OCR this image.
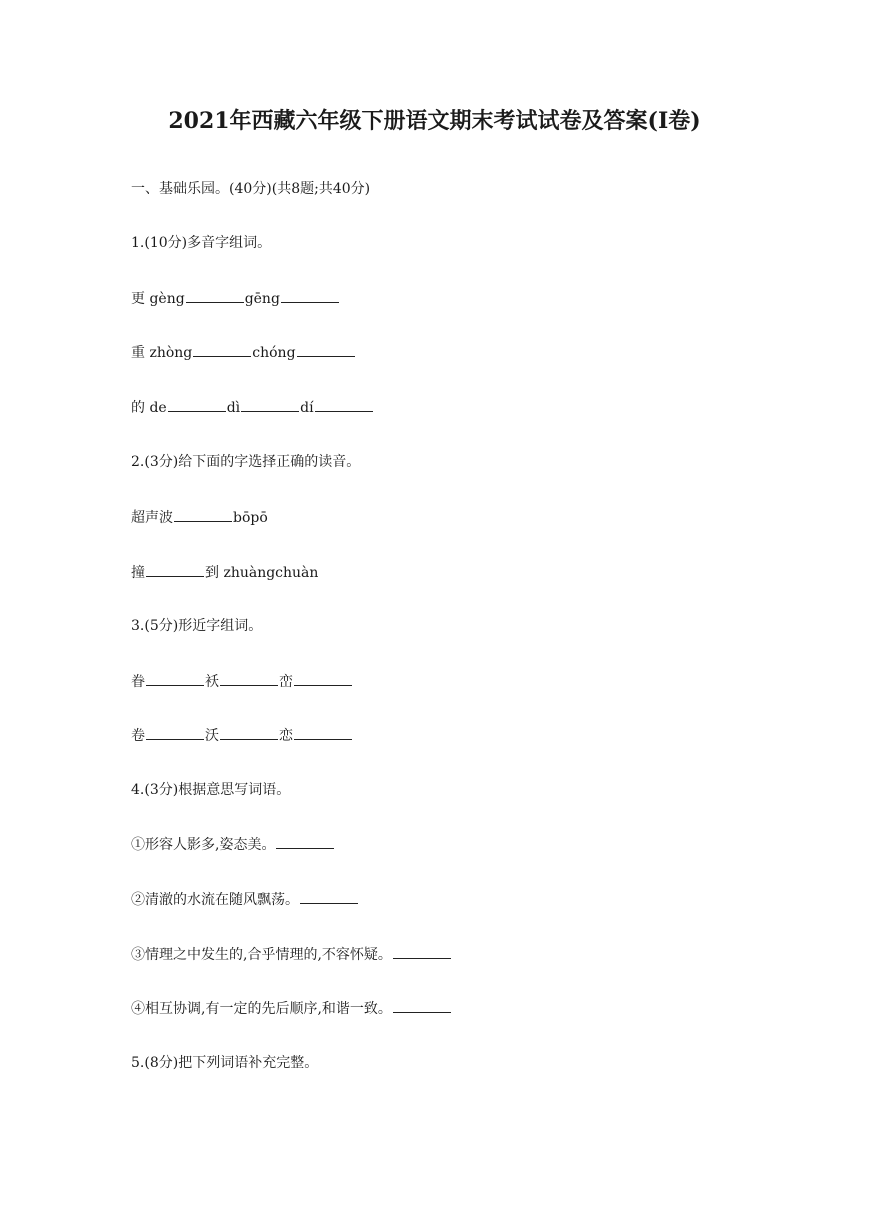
2021年西藏六年级下册语文期末考试试卷及答案(Ⅰ卷)
一、基础乐园。(40分)(共8题;共40分)
1.(10分)多音字组词。
更 gèng	gēng
重 zhòng	chóng
的 de	dì	dí
2.(3分)给下面的字选择正确的读音。
超声波	bōpō
撞	到 zhuàngchuàn
3.(5分)形近字组词。
眷	袄	峦
卷	沃	恋
4.(3分)根据意思写词语。
①形容人影多,姿态美。
②清澈的水流在随风飘荡。
③情理之中发生的,合乎情理的,不容怀疑。
④相互协调,有一定的先后顺序,和谐一致。
5.(8分)把下列词语补充完整。
